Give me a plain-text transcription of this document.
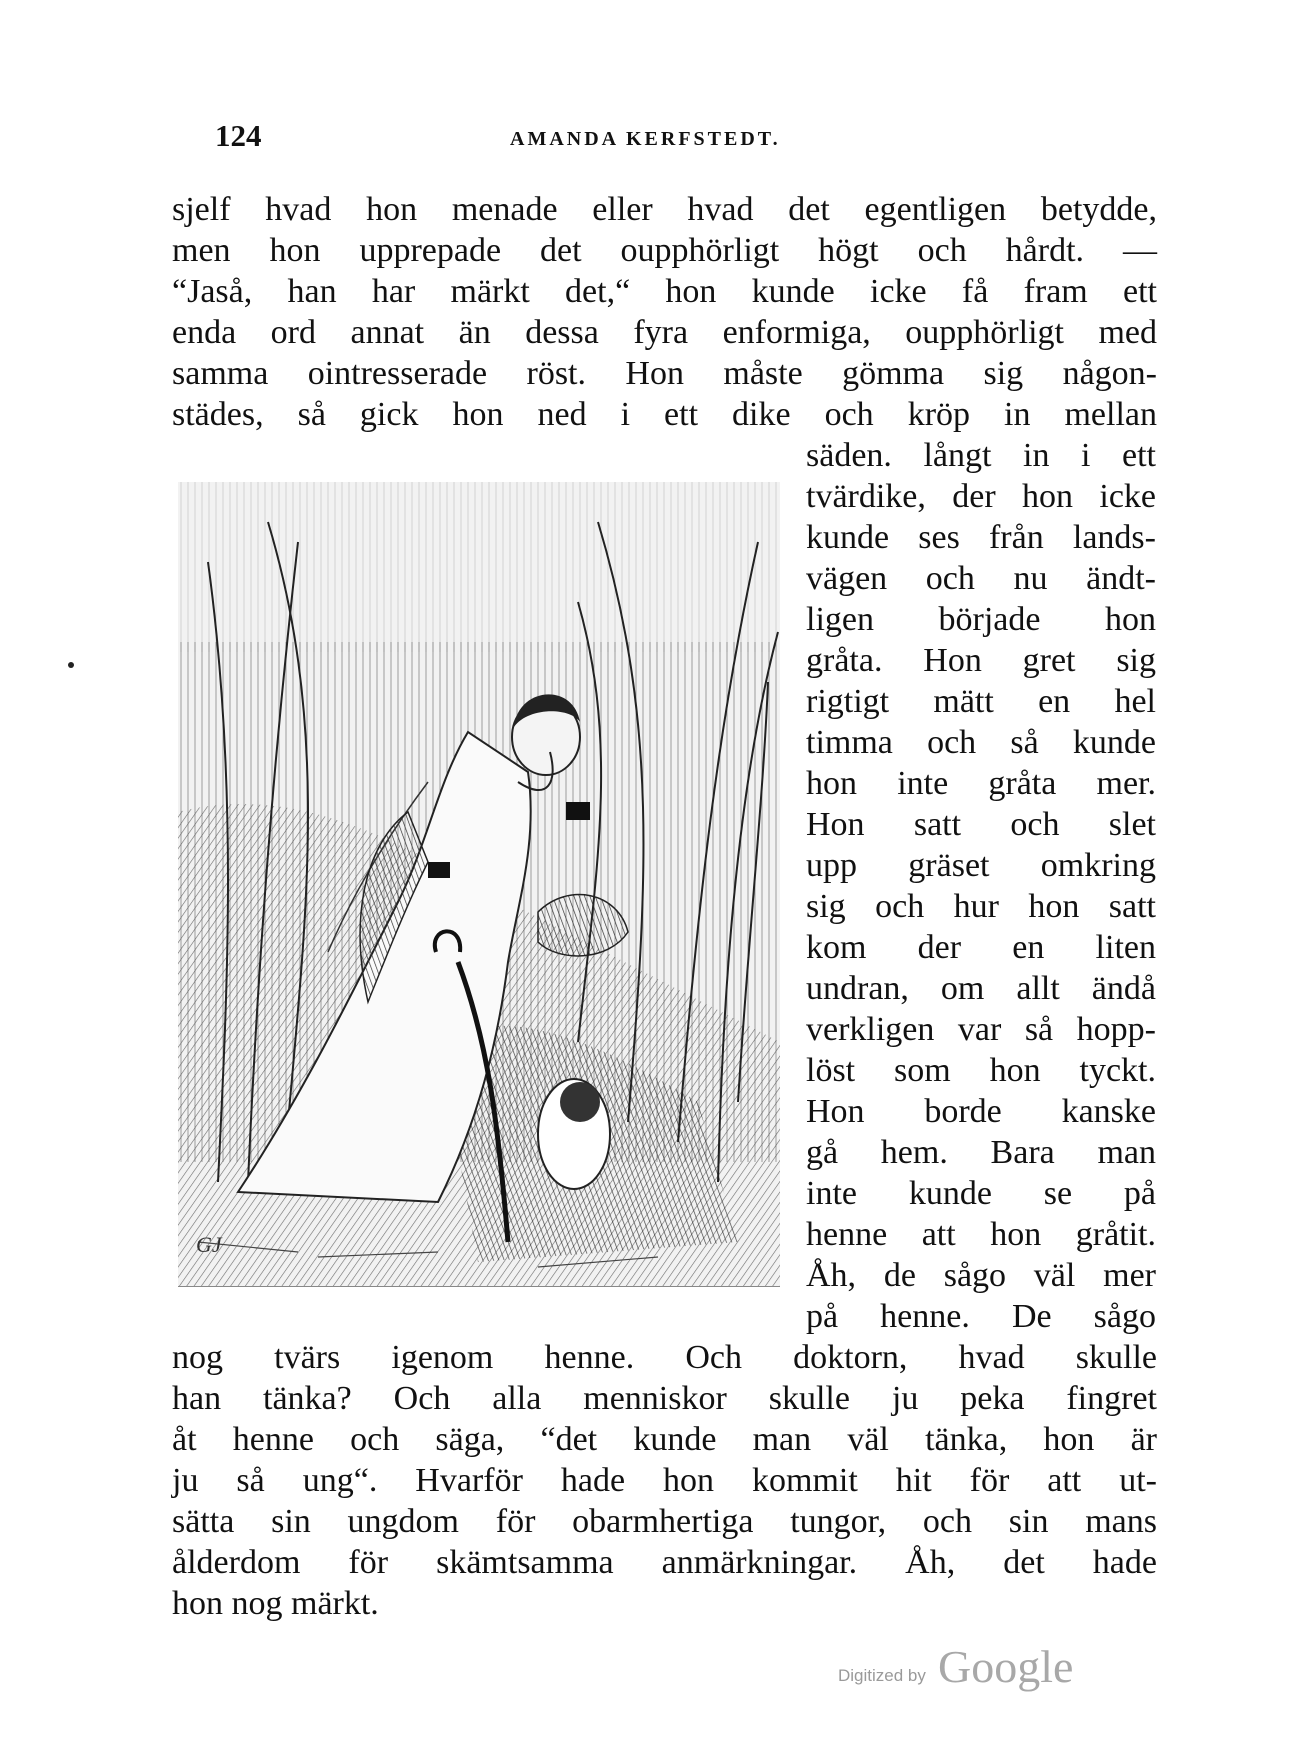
124	AMANDA KERFSTEDT.
sjelf hvad hon menade eller hvad det egentligen betydde,
men hon upprepade det oupphörligt högt och hårdt. —
“Jaså, han har märkt det,“ hon kunde icke få fram ett
enda ord annat än dessa fyra enformiga, oupphörligt med
samma ointresserade röst. Hon måste gömma sig någon-
städes, så gick hon ned i ett dike och kröp in mellan
säden. långt in i ett
tvärdike, der hon icke
kunde ses från lands-
vägen och nu ändt-
ligen började hon
gråta. Hon gret sig
rigtigt mätt en hel
timma och så kunde
hon inte gråta mer.
Hon satt och slet
upp gräset omkring
sig och hur hon satt
kom der en liten
undran, om allt ändå
verkligen var så hopp-
löst som hon tyckt.
Hon borde kanske
gå hem. Bara man
inte kunde se på
henne att hon gråtit.
Åh, de sågo väl mer
på henne. De sågo
nog tvärs igenom henne. Och doktorn, hvad skulle
han tänka? Och alla menniskor skulle ju peka fingret
åt henne och säga, “det kunde man väl tänka, hon är
ju så ung“. Hvarför hade hon kommit hit för att ut-
sätta sin ungdom för obarmhertiga tungor, och sin mans
ålderdom för skämtsamma anmärkningar. Åh, det hade
hon nog märkt.
GJ
Digitized by Google
